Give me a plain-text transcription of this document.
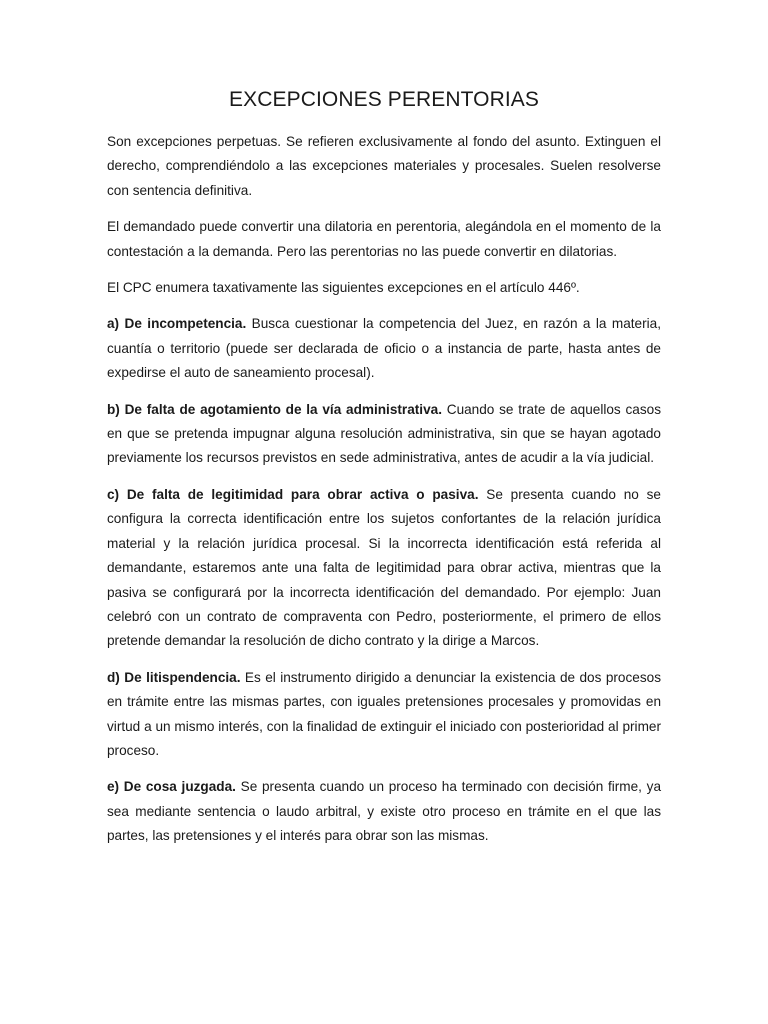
EXCEPCIONES PERENTORIAS

Son excepciones perpetuas. Se refieren exclusivamente al fondo del asunto. Extinguen el derecho, comprendiéndolo a las excepciones materiales y procesales. Suelen resolverse con sentencia definitiva.

El demandado puede convertir una dilatoria en perentoria, alegándola en el momento de la contestación a la demanda. Pero las perentorias no las puede convertir en dilatorias.

El CPC enumera taxativamente las siguientes excepciones en el artículo 446º.

a) De incompetencia. Busca cuestionar la competencia del Juez, en razón a la materia, cuantía o territorio (puede ser declarada de oficio o a instancia de parte, hasta antes de expedirse el auto de saneamiento procesal).

b) De falta de agotamiento de la vía administrativa. Cuando se trate de aquellos casos en que se pretenda impugnar alguna resolución administrativa, sin que se hayan agotado previamente los recursos previstos en sede administrativa, antes de acudir a la vía judicial.

c) De falta de legitimidad para obrar activa o pasiva. Se presenta cuando no se configura la correcta identificación entre los sujetos confortantes de la relación jurídica material y la relación jurídica procesal. Si la incorrecta identificación está referida al demandante, estaremos ante una falta de legitimidad para obrar activa, mientras que la pasiva se configurará por la incorrecta identificación del demandado. Por ejemplo: Juan celebró con un contrato de compraventa con Pedro, posteriormente, el primero de ellos pretende demandar la resolución de dicho contrato y la dirige a Marcos.

d) De litispendencia. Es el instrumento dirigido a denunciar la existencia de dos procesos en trámite entre las mismas partes, con iguales pretensiones procesales y promovidas en virtud a un mismo interés, con la finalidad de extinguir el iniciado con posterioridad al primer proceso.

e) De cosa juzgada. Se presenta cuando un proceso ha terminado con decisión firme, ya sea mediante sentencia o laudo arbitral, y existe otro proceso en trámite en el que las partes, las pretensiones y el interés para obrar son las mismas.
